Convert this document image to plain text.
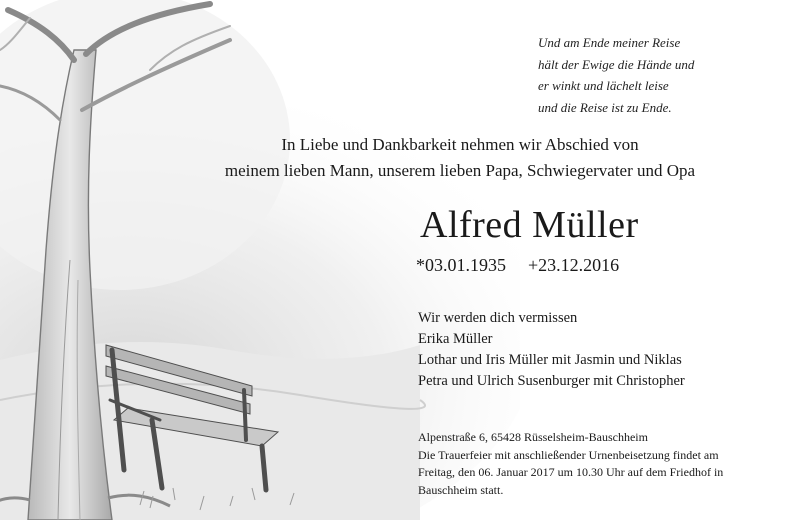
Und am Ende meiner Reise
hält der Ewige die Hände und
er winkt und lächelt leise
und die Reise ist zu Ende.
In Liebe und Dankbarkeit nehmen wir Abschied von
meinem lieben Mann, unserem lieben Papa, Schwiegervater und Opa
Alfred Müller
*03.01.1935 +23.12.2016
Wir werden dich vermissen
Erika Müller
Lothar und Iris Müller mit Jasmin und Niklas
Petra und Ulrich Susenburger mit Christopher
Alpenstraße 6, 65428 Rüsselsheim-Bauschheim
Die Trauerfeier mit anschließender Urnenbeisetzung findet am
Freitag, den 06. Januar 2017 um 10.30 Uhr auf dem Friedhof in
Bauschheim statt.
